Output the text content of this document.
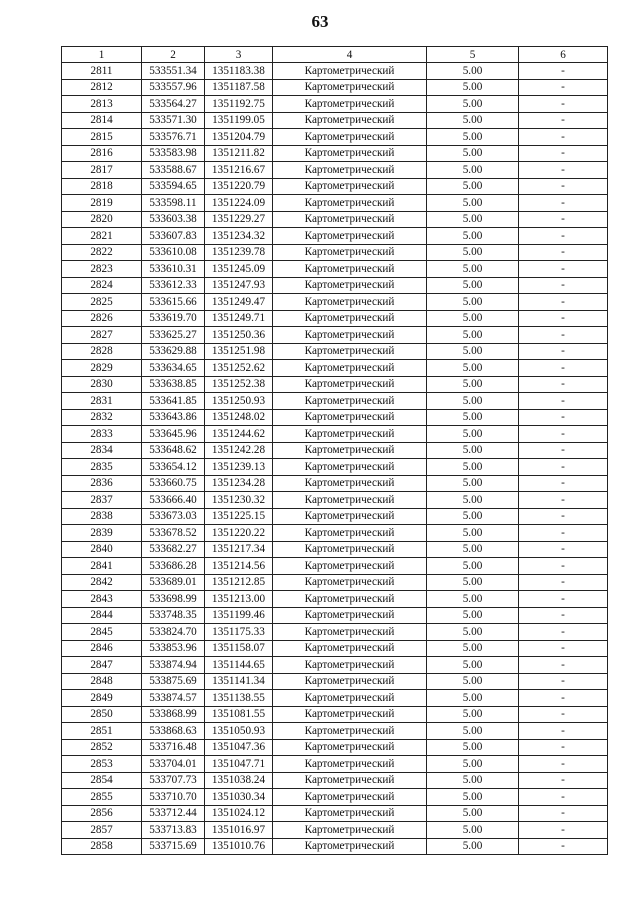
63
1	2	3	4	5	6
2811	533551.34	1351183.38	Картометрический	5.00	-
2812	533557.96	1351187.58	Картометрический	5.00	-
2813	533564.27	1351192.75	Картометрический	5.00	-
2814	533571.30	1351199.05	Картометрический	5.00	-
2815	533576.71	1351204.79	Картометрический	5.00	-
2816	533583.98	1351211.82	Картометрический	5.00	-
2817	533588.67	1351216.67	Картометрический	5.00	-
2818	533594.65	1351220.79	Картометрический	5.00	-
2819	533598.11	1351224.09	Картометрический	5.00	-
2820	533603.38	1351229.27	Картометрический	5.00	-
2821	533607.83	1351234.32	Картометрический	5.00	-
2822	533610.08	1351239.78	Картометрический	5.00	-
2823	533610.31	1351245.09	Картометрический	5.00	-
2824	533612.33	1351247.93	Картометрический	5.00	-
2825	533615.66	1351249.47	Картометрический	5.00	-
2826	533619.70	1351249.71	Картометрический	5.00	-
2827	533625.27	1351250.36	Картометрический	5.00	-
2828	533629.88	1351251.98	Картометрический	5.00	-
2829	533634.65	1351252.62	Картометрический	5.00	-
2830	533638.85	1351252.38	Картометрический	5.00	-
2831	533641.85	1351250.93	Картометрический	5.00	-
2832	533643.86	1351248.02	Картометрический	5.00	-
2833	533645.96	1351244.62	Картометрический	5.00	-
2834	533648.62	1351242.28	Картометрический	5.00	-
2835	533654.12	1351239.13	Картометрический	5.00	-
2836	533660.75	1351234.28	Картометрический	5.00	-
2837	533666.40	1351230.32	Картометрический	5.00	-
2838	533673.03	1351225.15	Картометрический	5.00	-
2839	533678.52	1351220.22	Картометрический	5.00	-
2840	533682.27	1351217.34	Картометрический	5.00	-
2841	533686.28	1351214.56	Картометрический	5.00	-
2842	533689.01	1351212.85	Картометрический	5.00	-
2843	533698.99	1351213.00	Картометрический	5.00	-
2844	533748.35	1351199.46	Картометрический	5.00	-
2845	533824.70	1351175.33	Картометрический	5.00	-
2846	533853.96	1351158.07	Картометрический	5.00	-
2847	533874.94	1351144.65	Картометрический	5.00	-
2848	533875.69	1351141.34	Картометрический	5.00	-
2849	533874.57	1351138.55	Картометрический	5.00	-
2850	533868.99	1351081.55	Картометрический	5.00	-
2851	533868.63	1351050.93	Картометрический	5.00	-
2852	533716.48	1351047.36	Картометрический	5.00	-
2853	533704.01	1351047.71	Картометрический	5.00	-
2854	533707.73	1351038.24	Картометрический	5.00	-
2855	533710.70	1351030.34	Картометрический	5.00	-
2856	533712.44	1351024.12	Картометрический	5.00	-
2857	533713.83	1351016.97	Картометрический	5.00	-
2858	533715.69	1351010.76	Картометрический	5.00	-
